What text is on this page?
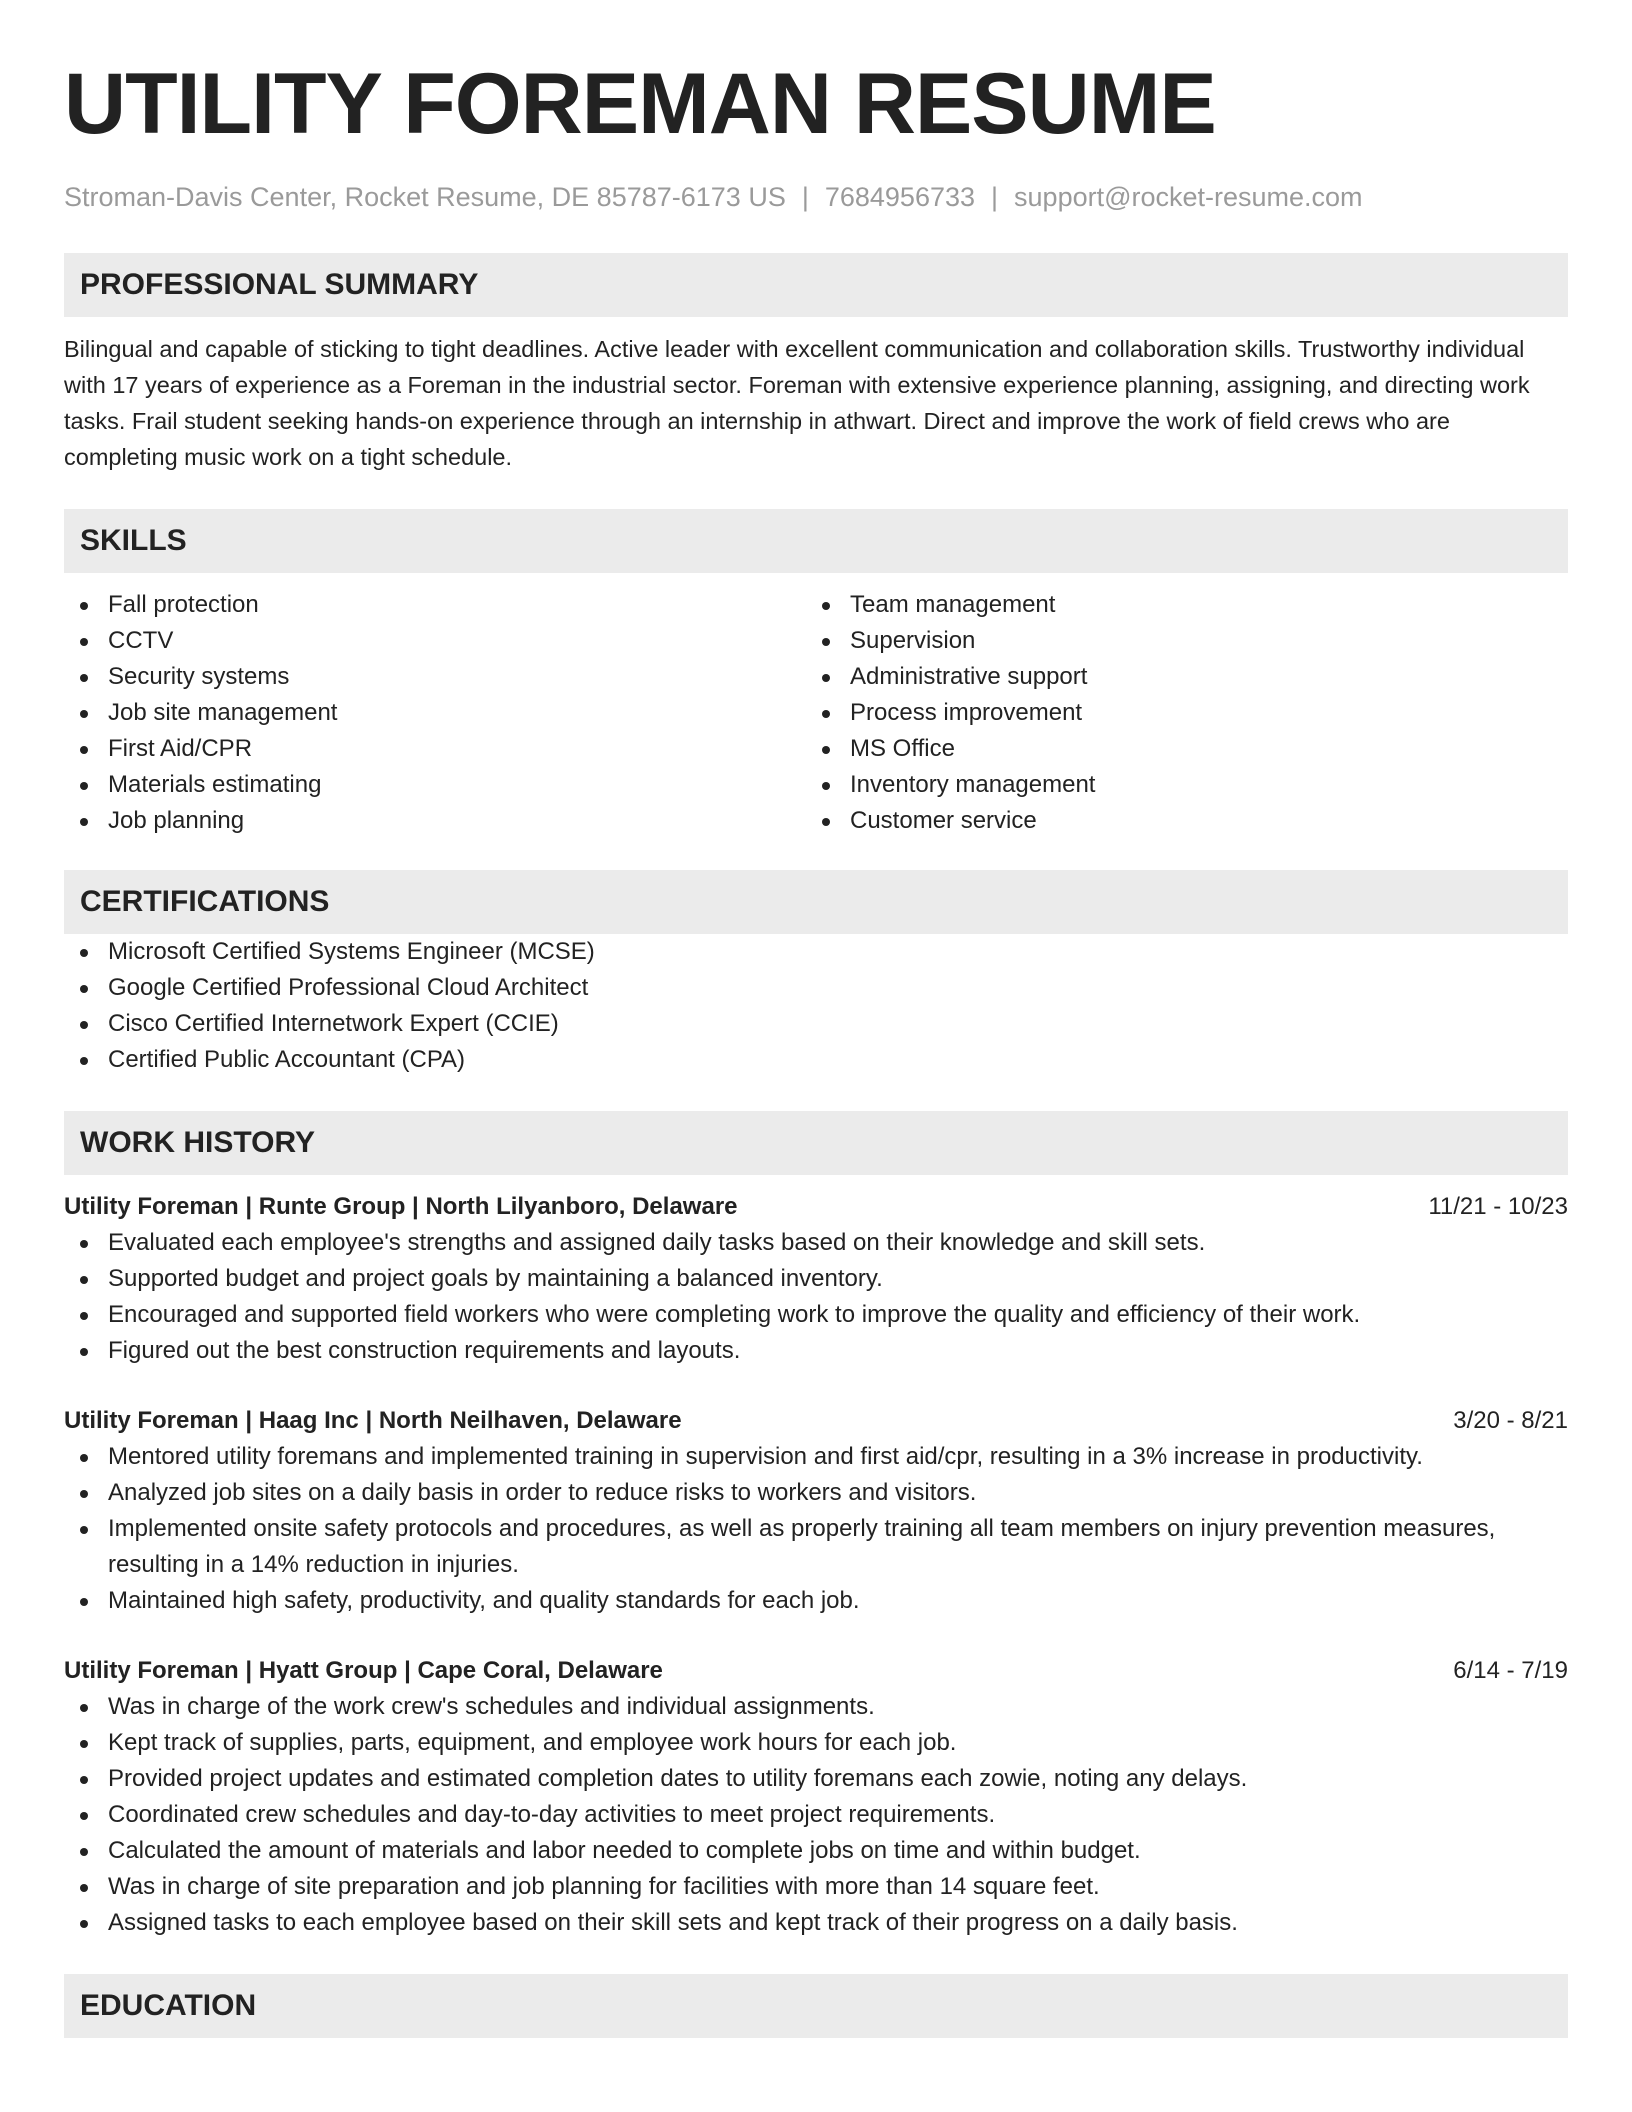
UTILITY FOREMAN RESUME
Stroman-Davis Center, Rocket Resume, DE 85787-6173 US | 7684956733 | support@rocket-resume.com
PROFESSIONAL SUMMARY

Bilingual and capable of sticking to tight deadlines. Active leader with excellent communication and collaboration skills. Trustworthy individual with 17 years of experience as a Foreman in the industrial sector. Foreman with extensive experience planning, assigning, and directing work tasks. Frail student seeking hands-on experience through an internship in athwart. Direct and improve the work of field crews who are completing music work on a tight schedule.

SKILLS
Fall protection
CCTV
Security systems
Job site management
First Aid/CPR
Materials estimating
Job planning
Team management
Supervision
Administrative support
Process improvement
MS Office
Inventory management
Customer service
CERTIFICATIONS
Microsoft Certified Systems Engineer (MCSE)
Google Certified Professional Cloud Architect
Cisco Certified Internetwork Expert (CCIE)
Certified Public Accountant (CPA)
WORK HISTORY
Utility Foreman | Runte Group | North Lilyanboro, Delaware	11/21 - 10/23
Evaluated each employee's strengths and assigned daily tasks based on their knowledge and skill sets.
Supported budget and project goals by maintaining a balanced inventory.
Encouraged and supported field workers who were completing work to improve the quality and efficiency of their work.
Figured out the best construction requirements and layouts.
Utility Foreman | Haag Inc | North Neilhaven, Delaware	3/20 - 8/21
Mentored utility foremans and implemented training in supervision and first aid/cpr, resulting in a 3% increase in productivity.
Analyzed job sites on a daily basis in order to reduce risks to workers and visitors.
Implemented onsite safety protocols and procedures, as well as properly training all team members on injury prevention measures, resulting in a 14% reduction in injuries.
Maintained high safety, productivity, and quality standards for each job.
Utility Foreman | Hyatt Group | Cape Coral, Delaware	6/14 - 7/19
Was in charge of the work crew's schedules and individual assignments.
Kept track of supplies, parts, equipment, and employee work hours for each job.
Provided project updates and estimated completion dates to utility foremans each zowie, noting any delays.
Coordinated crew schedules and day-to-day activities to meet project requirements.
Calculated the amount of materials and labor needed to complete jobs on time and within budget.
Was in charge of site preparation and job planning for facilities with more than 14 square feet.
Assigned tasks to each employee based on their skill sets and kept track of their progress on a daily basis.
EDUCATION
